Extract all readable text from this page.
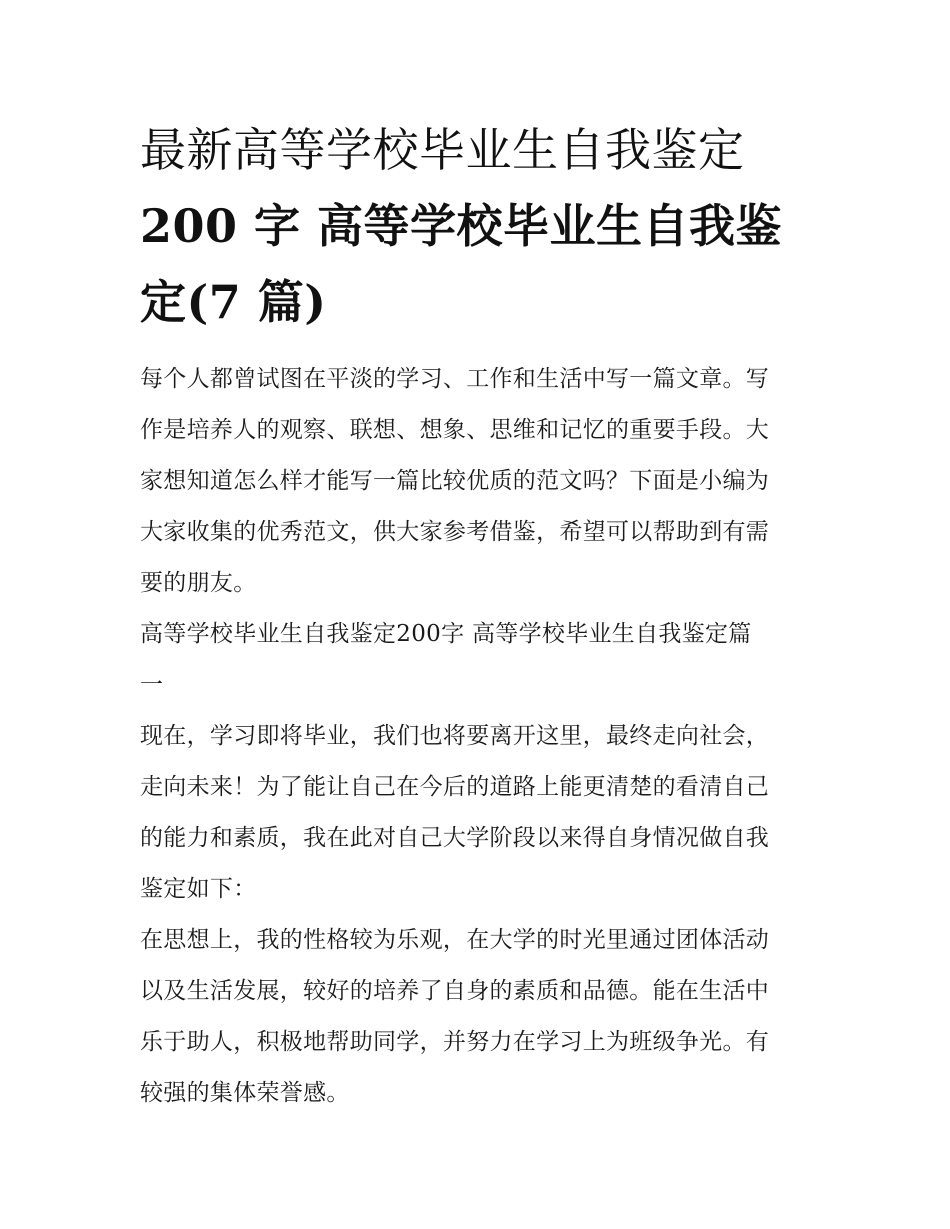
最新高等学校毕业生自我鉴定
200 字 高等学校毕业生自我鉴
定(7 篇)

每个人都曾试图在平淡的学习、工作和生活中写一篇文章。写
作是培养人的观察、联想、想象、思维和记忆的重要手段。大
家想知道怎么样才能写一篇比较优质的范文吗？下面是小编为
大家收集的优秀范文，供大家参考借鉴，希望可以帮助到有需
要的朋友。

高等学校毕业生自我鉴定200字 高等学校毕业生自我鉴定篇
一

现在，学习即将毕业，我们也将要离开这里，最终走向社会，
走向未来！为了能让自己在今后的道路上能更清楚的看清自己
的能力和素质，我在此对自己大学阶段以来得自身情况做自我
鉴定如下：

在思想上，我的性格较为乐观，在大学的时光里通过团体活动
以及生活发展，较好的培养了自身的素质和品德。能在生活中
乐于助人，积极地帮助同学，并努力在学习上为班级争光。有
较强的集体荣誉感。
